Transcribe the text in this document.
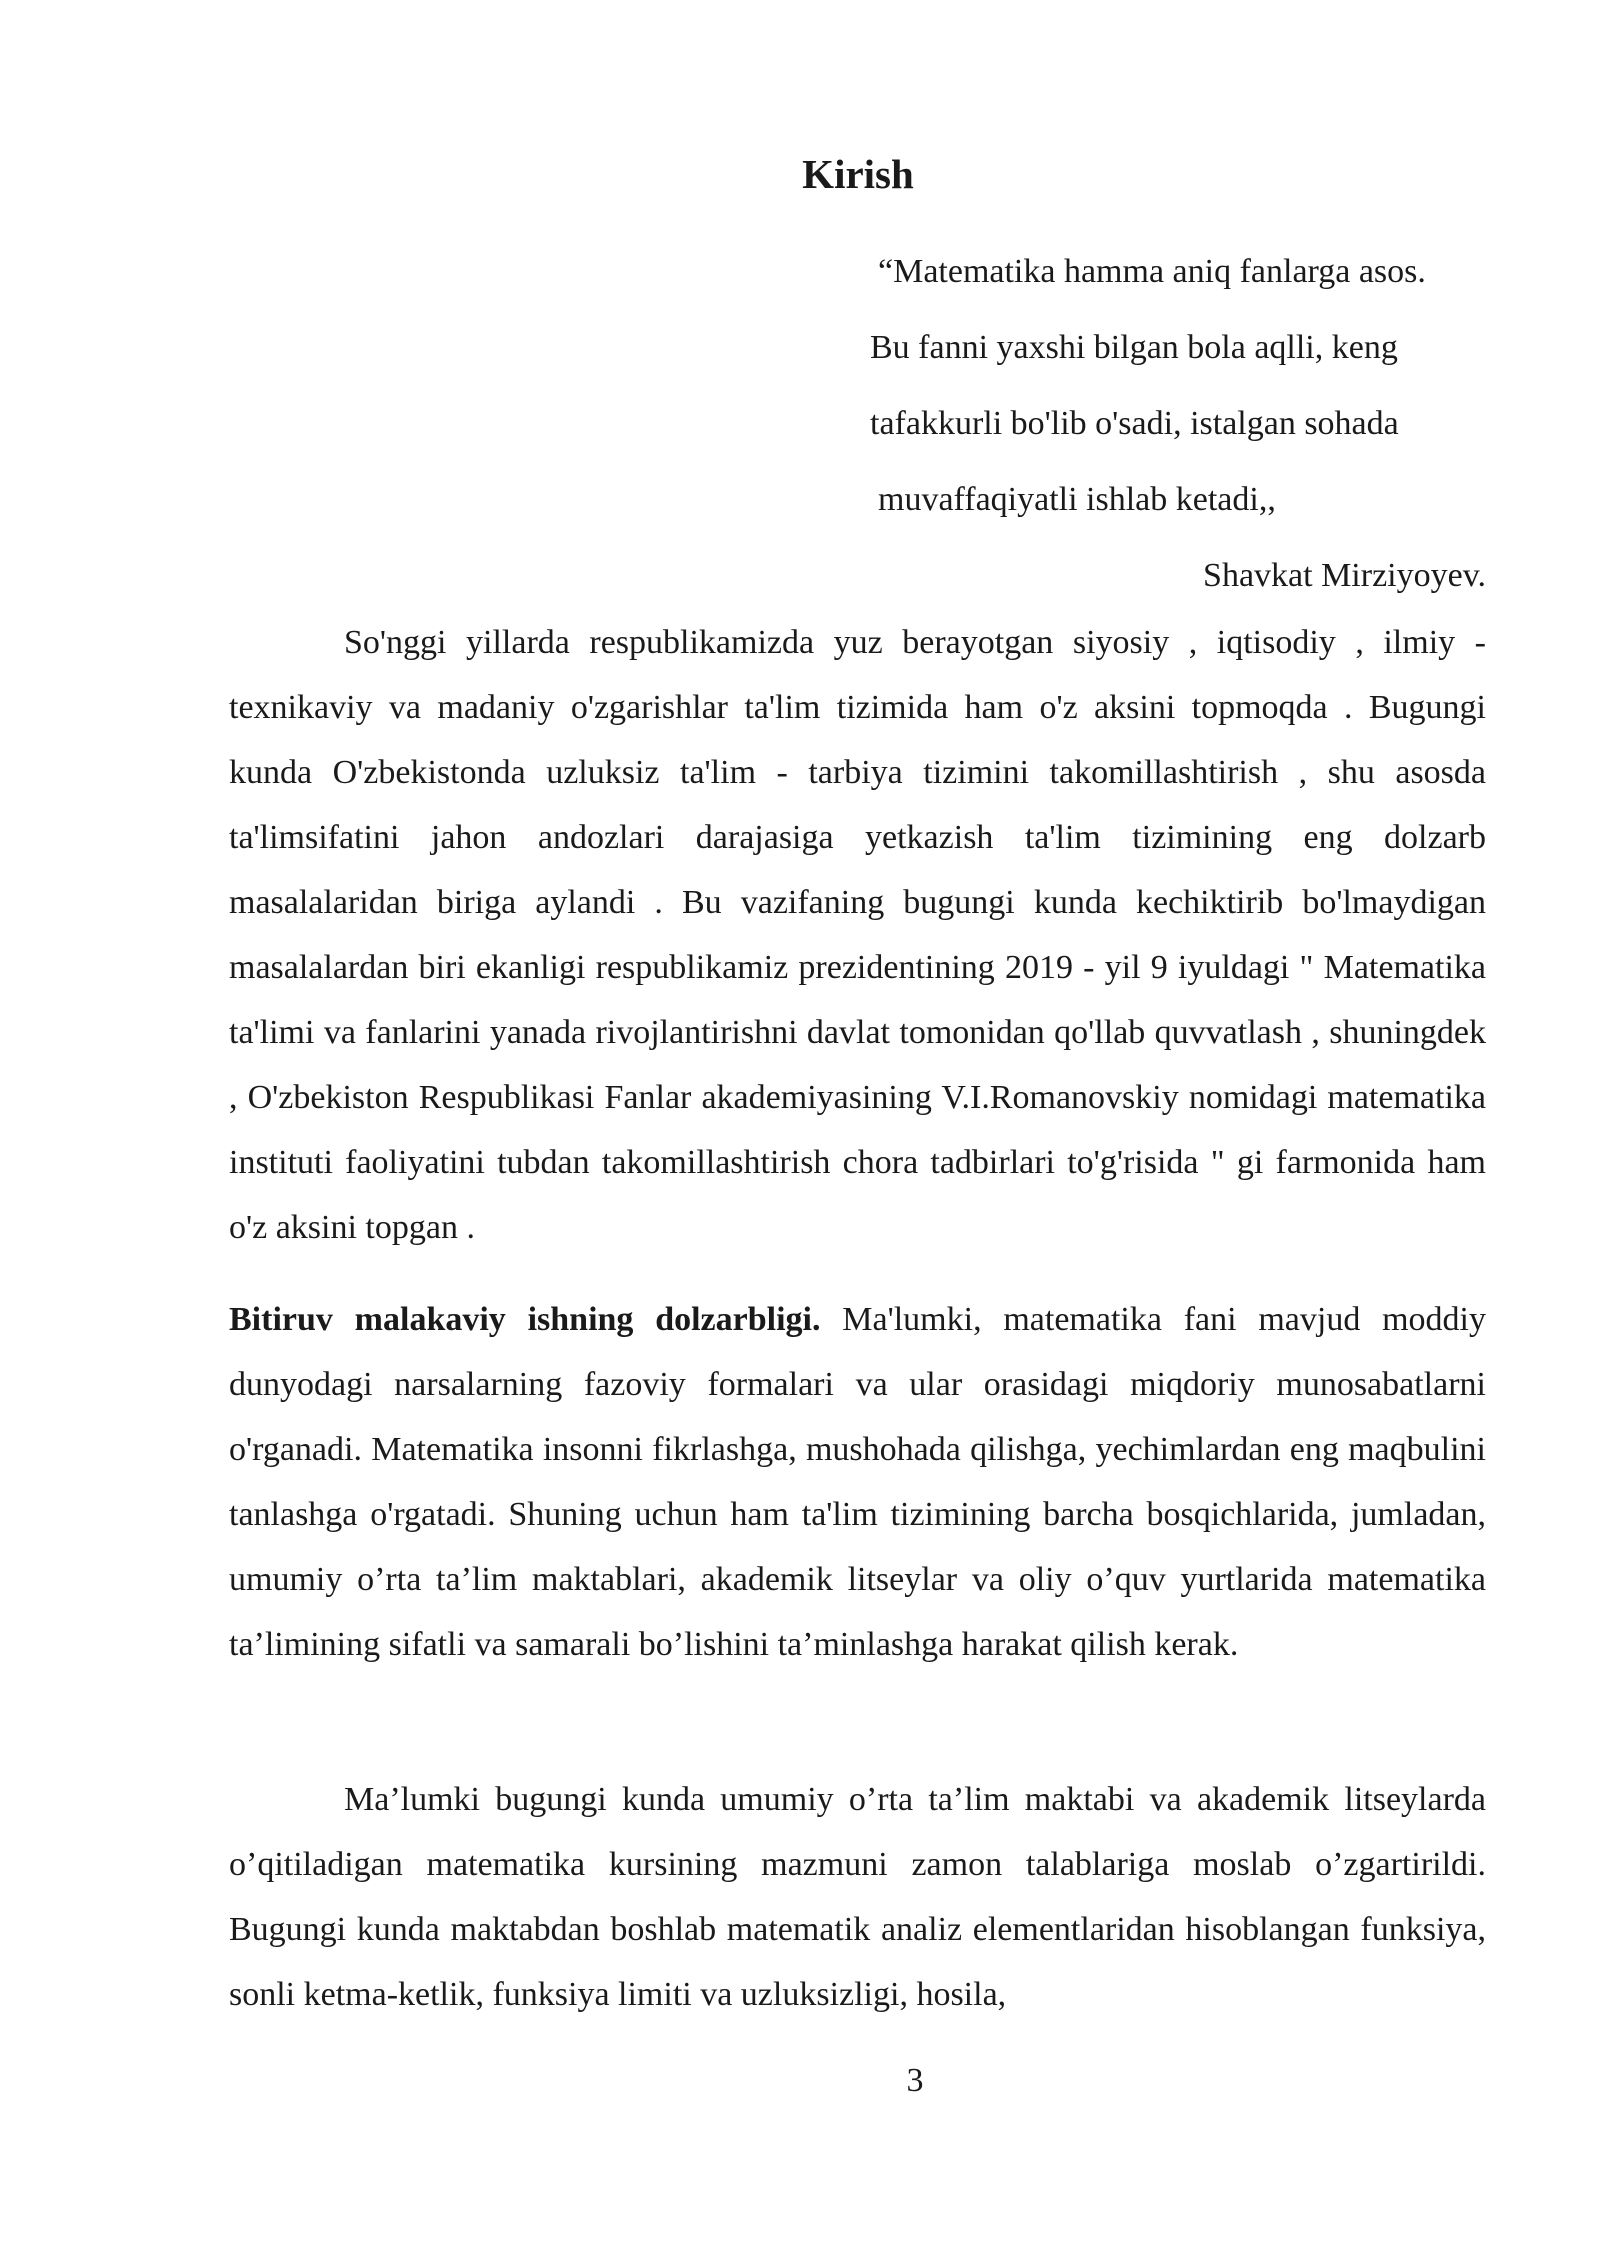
Kirish
“Matematika hamma aniq fanlarga asos.
Bu fanni yaxshi bilgan bola aqlli, keng
tafakkurli bo'lib o'sadi, istalgan sohada
muvaffaqiyatli ishlab ketadi,,
Shavkat Mirziyoyev.

So'nggi yillarda respublikamizda yuz berayotgan siyosiy , iqtisodiy , ilmiy - texnikaviy va madaniy o'zgarishlar ta'lim tizimida ham o'z aksini topmoqda . Bugungi kunda O'zbekistonda uzluksiz ta'lim - tarbiya tizimini takomillashtirish , shu asosda ta'limsifatini jahon andozlari darajasiga yetkazish ta'lim tizimining eng dolzarb masalalaridan biriga aylandi . Bu vazifaning bugungi kunda kechiktirib bo'lmaydigan masalalardan biri ekanligi respublikamiz prezidentining 2019 - yil 9 iyuldagi " Matematika ta'limi va fanlarini yanada rivojlantirishni davlat tomonidan qo'llab quvvatlash , shuningdek , O'zbekiston Respublikasi Fanlar akademiyasining V.I.Romanovskiy nomidagi matematika instituti faoliyatini tubdan takomillashtirish chora tadbirlari to'g'risida " gi farmonida ham o'z aksini topgan .

Bitiruv malakaviy ishning dolzarbligi. Ma'lumki, matematika fani mavjud moddiy dunyodagi narsalarning fazoviy formalari va ular orasidagi miqdoriy munosabatlarni o'rganadi. Matematika insonni fikrlashga, mushohada qilishga, yechimlardan eng maqbulini tanlashga o'rgatadi. Shuning uchun ham ta'lim tizimining barcha bosqichlarida, jumladan, umumiy o’rta ta’lim maktablari, akademik litseylar va oliy o’quv yurtlarida matematika ta’limining sifatli va samarali bo’lishini ta’minlashga harakat qilish kerak.

Ma’lumki bugungi kunda umumiy o’rta ta’lim maktabi va akademik litseylarda o’qitiladigan matematika kursining mazmuni zamon talablariga moslab o’zgartirildi. Bugungi kunda maktabdan boshlab matematik analiz elementlaridan hisoblangan funksiya, sonli ketma-ketlik, funksiya limiti va uzluksizligi, hosila,

3
